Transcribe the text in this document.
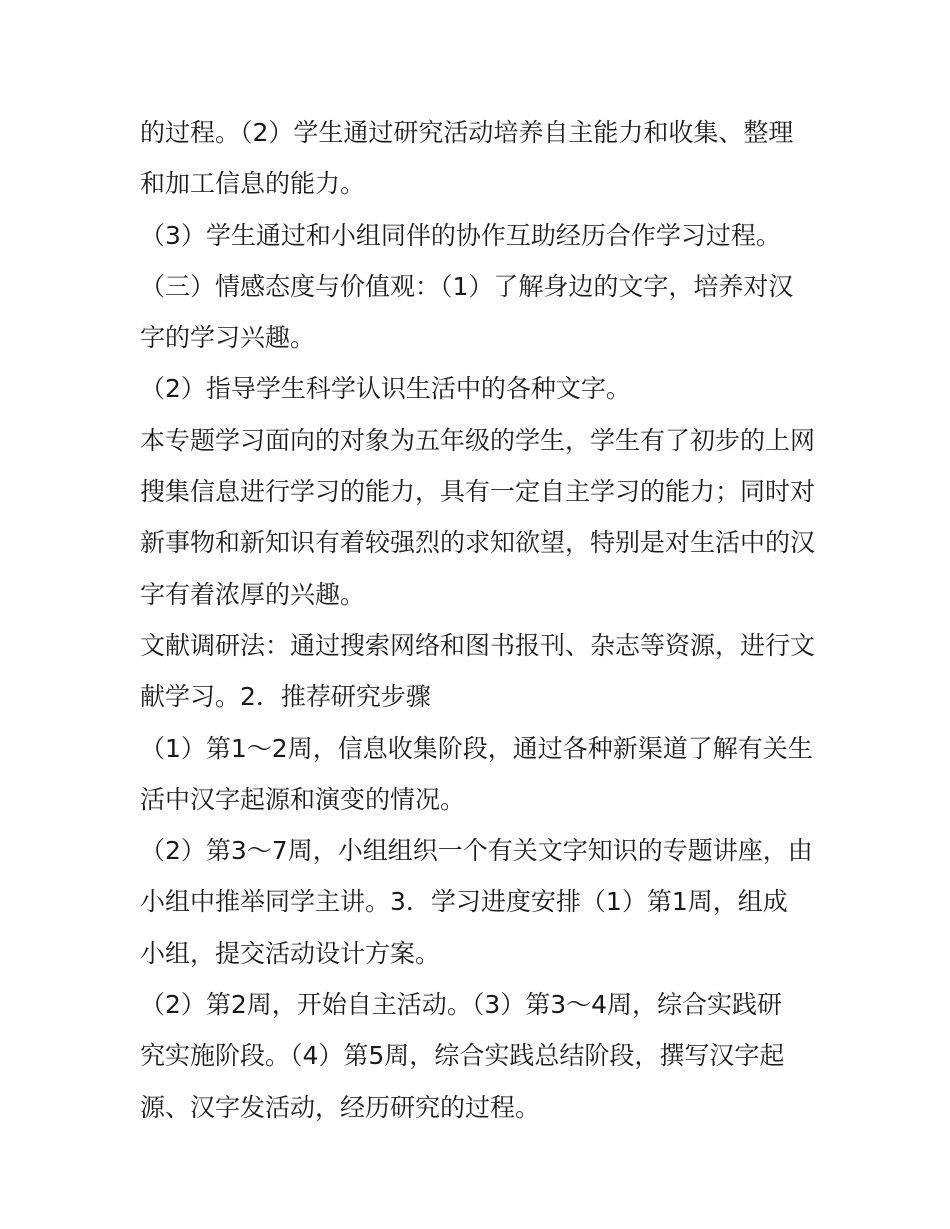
的过程。（2）学生通过研究活动培养自主能力和收集、整理
和加工信息的能力。
（3）学生通过和小组同伴的协作互助经历合作学习过程。
（三）情感态度与价值观：（1）了解身边的文字，培养对汉
字的学习兴趣。
（2）指导学生科学认识生活中的各种文字。
本专题学习面向的对象为五年级的学生，学生有了初步的上网
搜集信息进行学习的能力，具有一定自主学习的能力；同时对
新事物和新知识有着较强烈的求知欲望，特别是对生活中的汉
字有着浓厚的兴趣。
文献调研法：通过搜索网络和图书报刊、杂志等资源，进行文
献学习。2．推荐研究步骤
（1）第1～2周，信息收集阶段，通过各种新渠道了解有关生
活中汉字起源和演变的情况。
（2）第3～7周，小组组织一个有关文字知识的专题讲座，由
小组中推举同学主讲。3．学习进度安排（1）第1周，组成
小组，提交活动设计方案。
（2）第2周，开始自主活动。（3）第3～4周，综合实践研
究实施阶段。（4）第5周，综合实践总结阶段，撰写汉字起
源、汉字发活动，经历研究的过程。
